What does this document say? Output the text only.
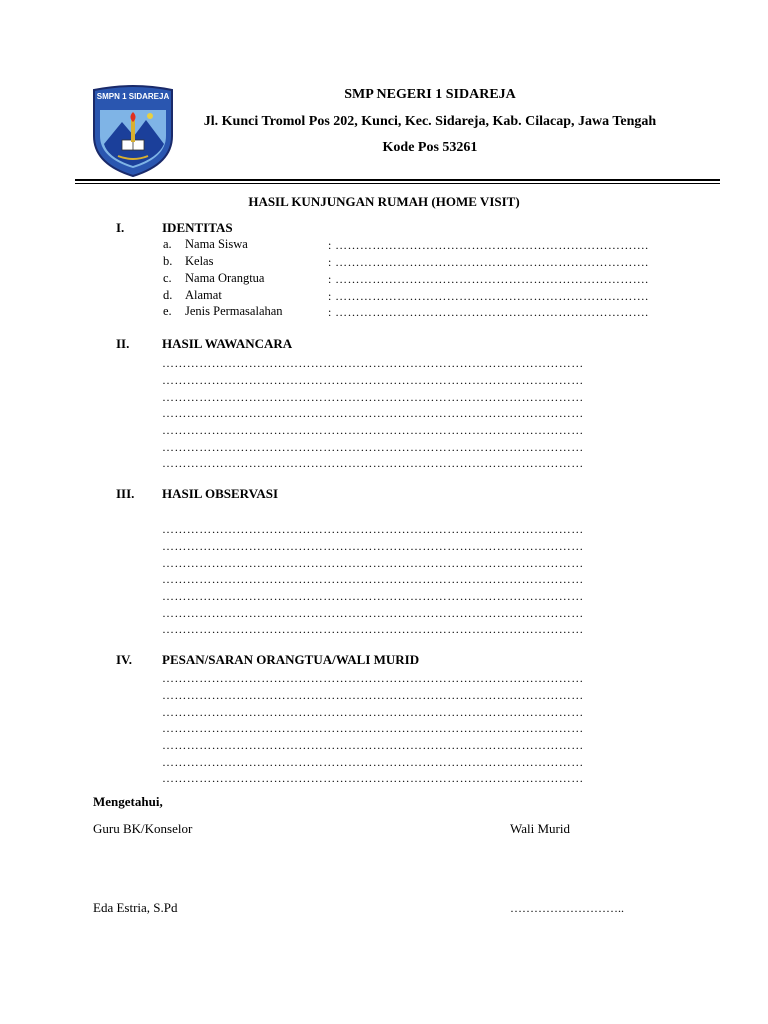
SMPN 1 SIDAREJA	SMP NEGERI 1 SIDAREJA
Jl. Kunci Tromol Pos 202, Kunci, Kec. Sidareja, Kab. Cilacap, Jawa Tengah
Kode Pos 53261
HASIL KUNJUNGAN RUMAH (HOME VISIT)
I.	IDENTITAS
a. Nama Siswa	: ………………………………………………………………….
b. Kelas	: ………………………………………………………………….
c. Nama Orangtua	: ………………………………………………………………….
d. Alamat	: ………………………………………………………………….
e. Jenis Permasalahan	: ………………………………………………………………….
II.	HASIL WAWANCARA
…………………………………………………………………………………………
…………………………………………………………………………………………
…………………………………………………………………………………………
…………………………………………………………………………………………
…………………………………………………………………………………………
…………………………………………………………………………………………
…………………………………………………………………………………………
III. HASIL OBSERVASI
…………………………………………………………………………………………
…………………………………………………………………………………………
…………………………………………………………………………………………
…………………………………………………………………………………………
…………………………………………………………………………………………
…………………………………………………………………………………………
…………………………………………………………………………………………
IV. PESAN/SARAN ORANGTUA/WALI MURID
…………………………………………………………………………………………
…………………………………………………………………………………………
…………………………………………………………………………………………
…………………………………………………………………………………………
…………………………………………………………………………………………
…………………………………………………………………………………………
…………………………………………………………………………………………
Mengetahui,
Guru BK/Konselor	Wali Murid
Eda Estria, S.Pd	………………………..
